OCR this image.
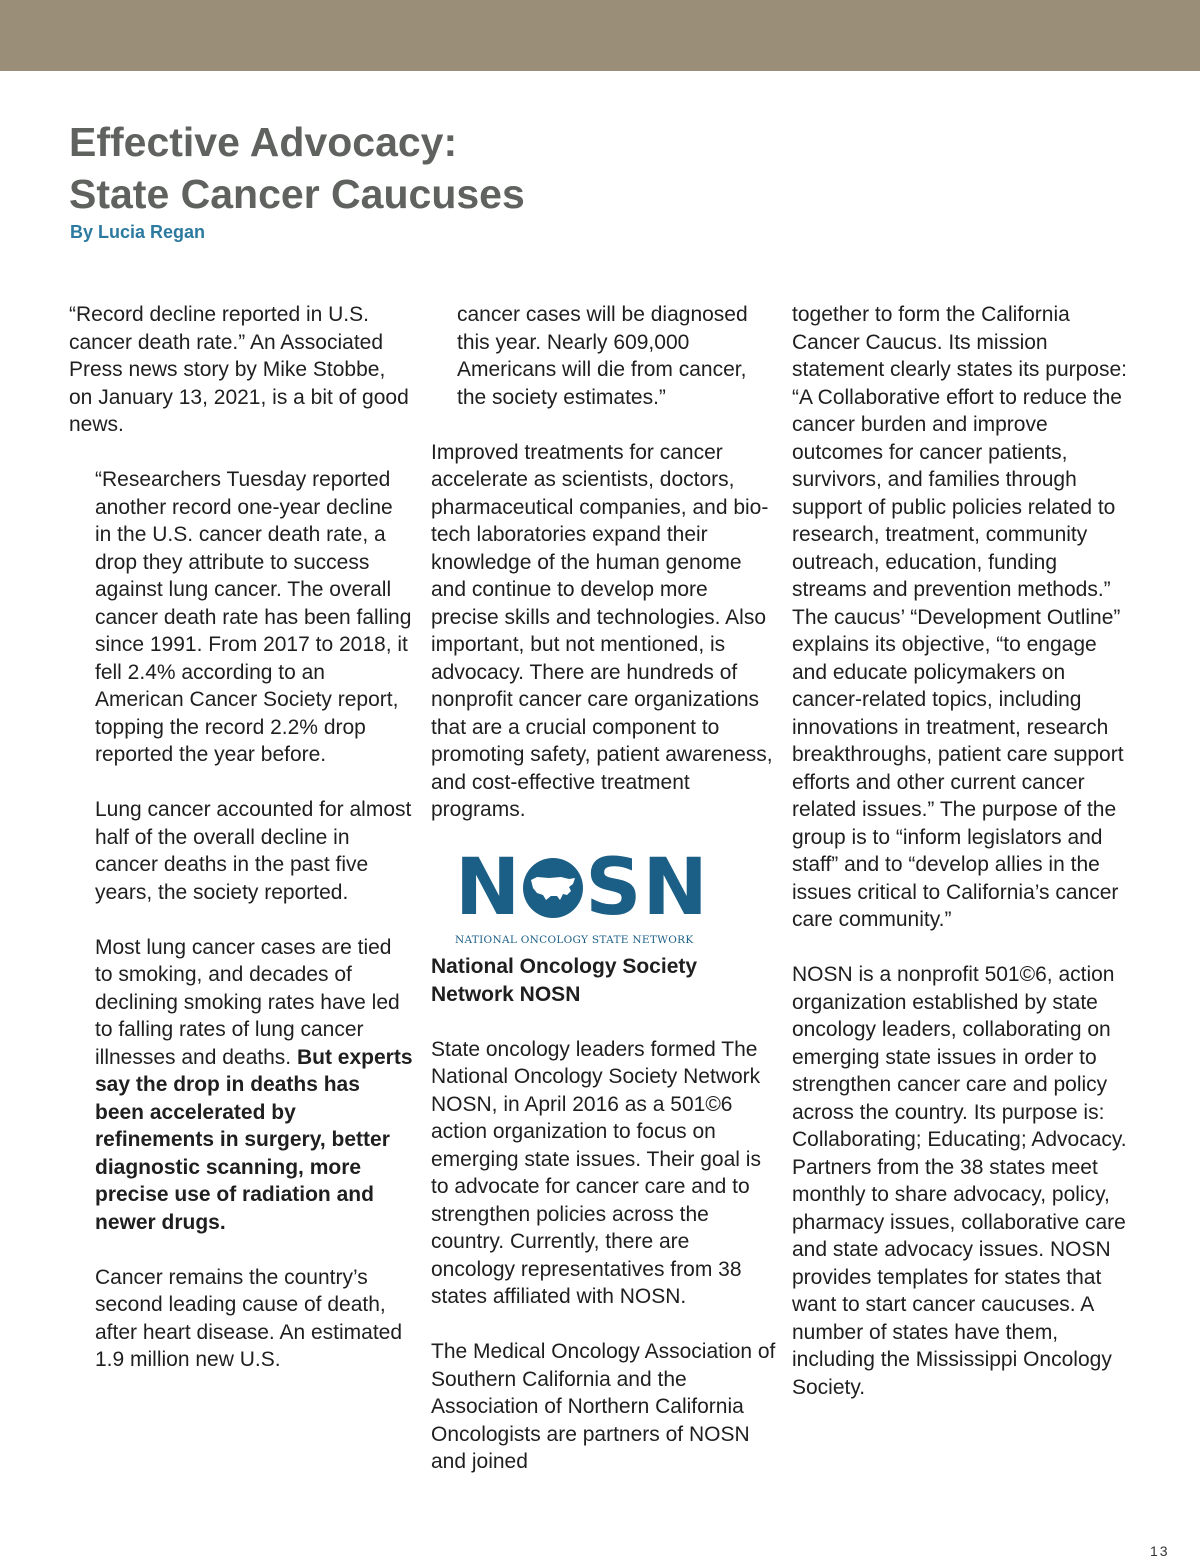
Effective Advocacy:
State Cancer Caucuses
By Lucia Regan

“Record decline reported in U.S. cancer death rate.” An Associated Press news story by Mike Stobbe, on January 13, 2021, is a bit of good news.

“Researchers Tuesday reported another record one-year decline in the U.S. cancer death rate, a drop they attribute to success against lung cancer. The overall cancer death rate has been falling since 1991. From 2017 to 2018, it fell 2.4% according to an American Cancer Society report, topping the record 2.2% drop reported the year before.

Lung cancer accounted for almost half of the overall decline in cancer deaths in the past five years, the society reported.

Most lung cancer cases are tied to smoking, and decades of declining smoking rates have led to falling rates of lung cancer illnesses and deaths. But experts say the drop in deaths has been accelerated by refinements in surgery, better diagnostic scanning, more precise use of radiation and newer drugs.

Cancer remains the country’s second leading cause of death, after heart disease. An estimated 1.9 million new U.S.

cancer cases will be diagnosed this year. Nearly 609,000 Americans will die from cancer, the society estimates.”

Improved treatments for cancer accelerate as scientists, doctors, pharmaceutical companies, and bio-tech laboratories expand their knowledge of the human genome and continue to develop more precise skills and technologies. Also important, but not mentioned, is advocacy. There are hundreds of nonprofit cancer care organizations that are a crucial component to promoting safety, patient awareness, and cost-effective treatment programs.

N SN
NATIONAL ONCOLOGY STATE NETWORK

National Oncology Society Network NOSN

State oncology leaders formed The National Oncology Society Network NOSN, in April 2016 as a 501©6 action organization to focus on emerging state issues. Their goal is to advocate for cancer care and to strengthen policies across the country. Currently, there are oncology representatives from 38 states affiliated with NOSN.

The Medical Oncology Association of Southern California and the Association of Northern California Oncologists are partners of NOSN and joined

together to form the California Cancer Caucus. Its mission statement clearly states its purpose: “A Collaborative effort to reduce the cancer burden and improve outcomes for cancer patients, survivors, and families through support of public policies related to research, treatment, community outreach, education, funding streams and prevention methods.” The caucus’ “Development Outline” explains its objective, “to engage and educate policymakers on cancer-related topics, including innovations in treatment, research breakthroughs, patient care support efforts and other current cancer related issues.” The purpose of the group is to “inform legislators and staff” and to “develop allies in the issues critical to California’s cancer care community.”

NOSN is a nonprofit 501©6, action organization established by state oncology leaders, collaborating on emerging state issues in order to strengthen cancer care and policy across the country. Its purpose is: Collaborating; Educating; Advocacy. Partners from the 38 states meet monthly to share advocacy, policy, pharmacy issues, collaborative care and state advocacy issues. NOSN provides templates for states that want to start cancer caucuses. A number of states have them, including the Mississippi Oncology Society.

13
